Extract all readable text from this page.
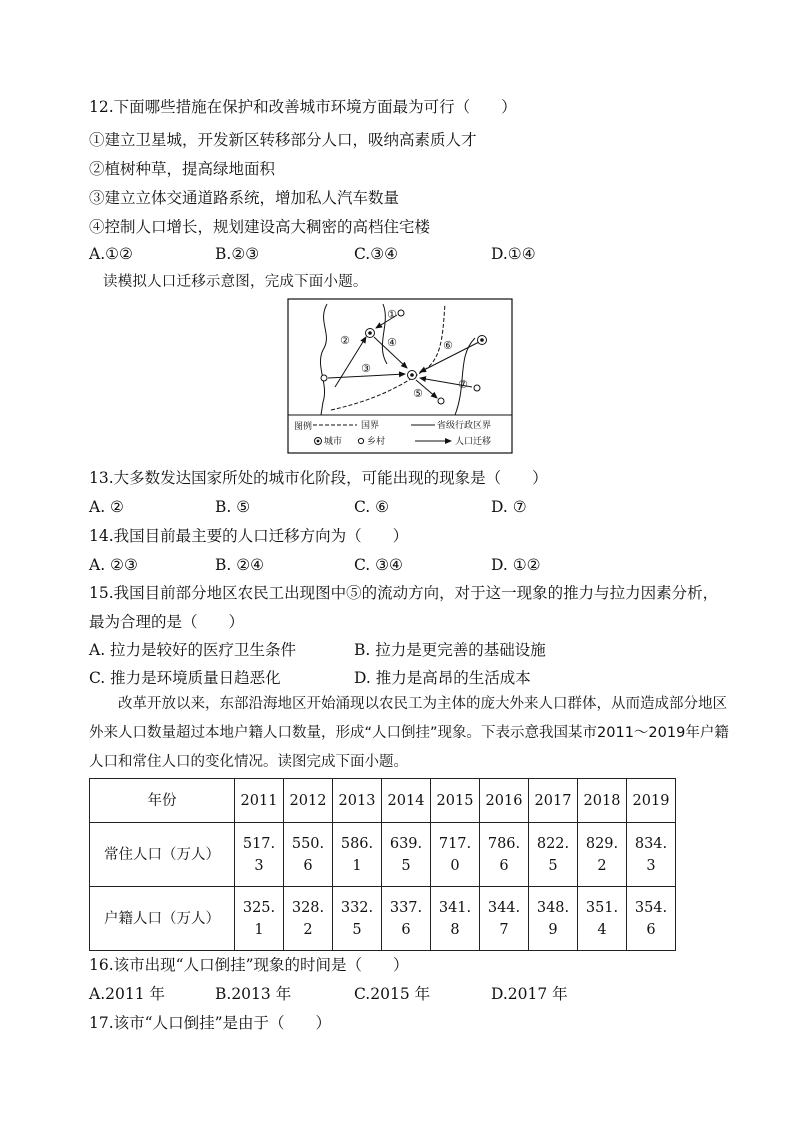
12.下面哪些措施在保护和改善城市环境方面最为可行（　　）
①建立卫星城，开发新区转移部分人口，吸纳高素质人才
②植树种草，提高绿地面积
③建立立体交通道路系统，增加私人汽车数量
④控制人口增长，规划建设高大稠密的高档住宅楼
A.①②	B.②③	C.③④	D.①④
读模拟人口迁移示意图，完成下面小题。
①
②
③
④
⑤
⑥
⑦
图例	国界	省级行政区界
城市	乡村	人口迁移
13.大多数发达国家所处的城市化阶段，可能出现的现象是（　　）
A. ②	B. ⑤	C. ⑥	D. ⑦
14.我国目前最主要的人口迁移方向为（　　）
A. ②③	B. ②④	C. ③④	D. ①②
15.我国目前部分地区农民工出现图中⑤的流动方向，对于这一现象的推力与拉力因素分析，
最为合理的是（　　）
A. 拉力是较好的医疗卫生条件	B. 拉力是更完善的基础设施
C. 推力是环境质量日趋恶化	D. 推力是高昂的生活成本
改革开放以来，东部沿海地区开始涌现以农民工为主体的庞大外来人口群体，从而造成部分地区外来人口数量超过本地户籍人口数量，形成“人口倒挂”现象。下表示意我国某市2011～2019年户籍人口和常住人口的变化情况。读图完成下面小题。
年份	2011	2012	2013	2014	2015	2016	2017	2018	2019
常住人口（万人）	517.3	550.6	586.1	639.5	717.0	786.6	822.5	829.2	834.3
户籍人口（万人）	325.1	328.2	332.5	337.6	341.8	344.7	348.9	351.4	354.6
16.该市出现“人口倒挂”现象的时间是（　　）
A.2011 年	B.2013 年	C.2015 年	D.2017 年
17.该市“人口倒挂”是由于（　　）
